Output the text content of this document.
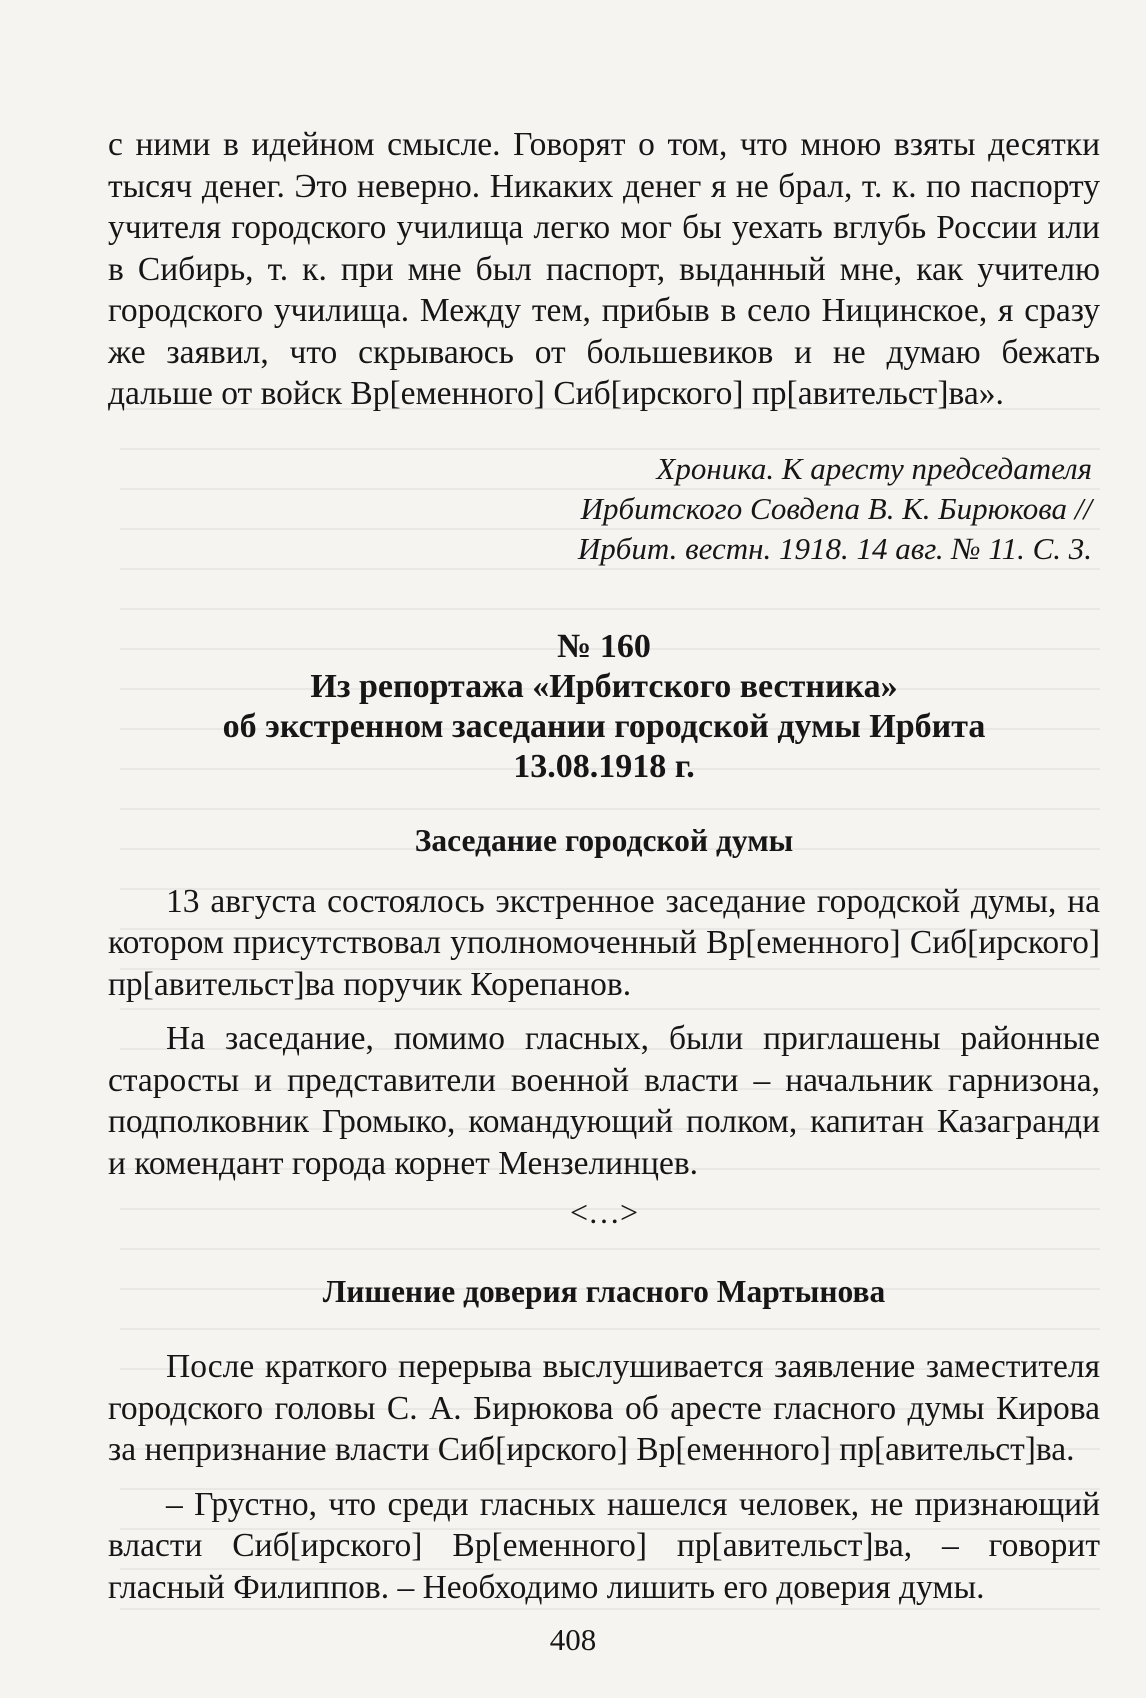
с ними в идейном смысле. Говорят о том, что мною взяты десятки тысяч денег. Это неверно. Никаких денег я не брал, т. к. по паспорту учителя городского училища легко мог бы уехать вглубь России или в Сибирь, т. к. при мне был паспорт, выданный мне, как учителю городского училища. Между тем, прибыв в село Ницинское, я сразу же заявил, что скрываюсь от большевиков и не думаю бежать дальше от войск Вр[еменного] Сиб[ирского] пр[авительст]ва».

Хроника. К аресту председателя
Ирбитского Совдепа В. К. Бирюкова //
Ирбит. вестн. 1918. 14 авг. № 11. С. 3.

№ 160

Из репортажа «Ирбитского вестника»
об экстренном заседании городской думы Ирбита
13.08.1918 г.

Заседание городской думы

13 августа состоялось экстренное заседание городской думы, на котором присутствовал уполномоченный Вр[еменного] Сиб[ирского] пр[авительст]ва поручик Корепанов.

На заседание, помимо гласных, были приглашены районные старосты и представители военной власти – начальник гарнизона, подполковник Громыко, командующий полком, капитан Казагранди и комендант города корнет Мензелинцев.

<…>

Лишение доверия гласного Мартынова

После краткого перерыва выслушивается заявление заместителя городского головы С. А. Бирюкова об аресте гласного думы Кирова за непризнание власти Сиб[ирского] Вр[еменного] пр[авительст]ва.

– Грустно, что среди гласных нашелся человек, не признающий власти Сиб[ирского] Вр[еменного] пр[авительст]ва, – говорит гласный Филиппов. – Необходимо лишить его доверия думы.

408
